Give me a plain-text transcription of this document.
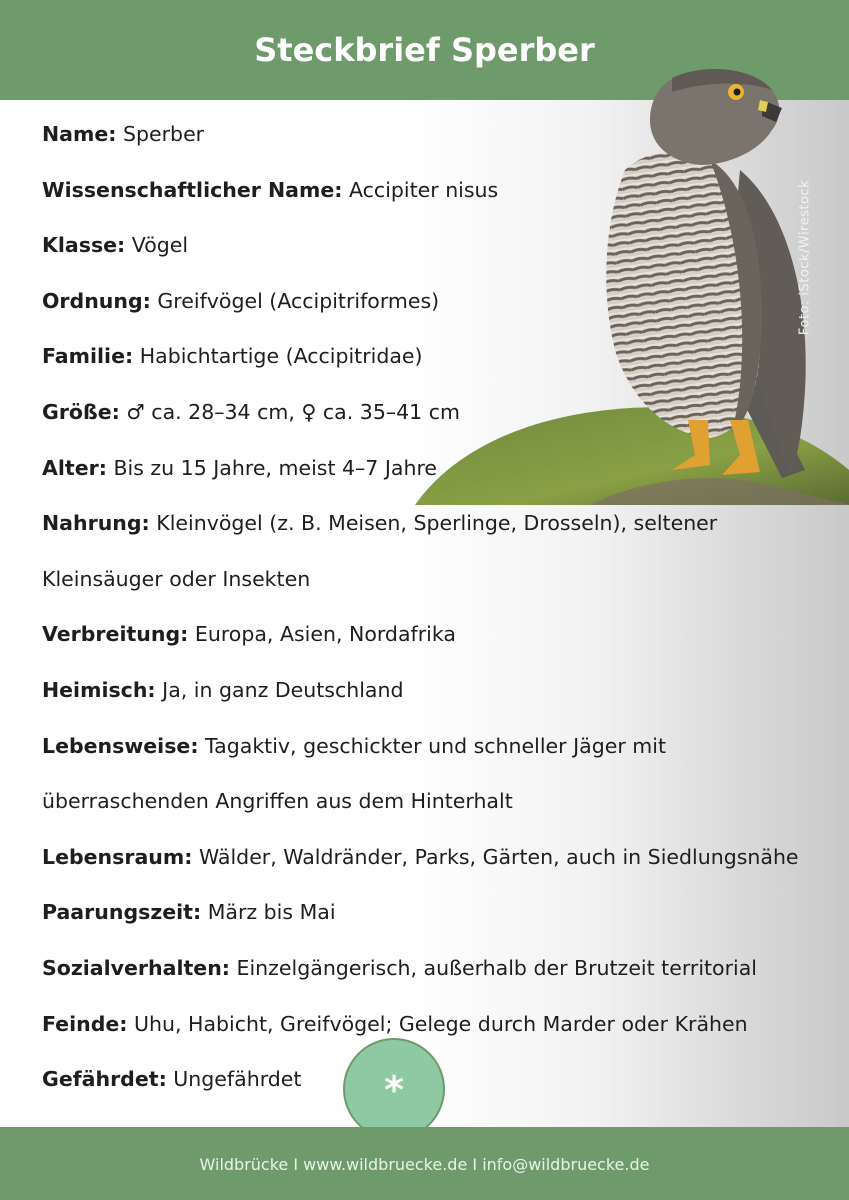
Steckbrief Sperber
Foto: iStock/Wirestock
Name: Sperber
Wissenschaftlicher Name: Accipiter nisus
Klasse: Vögel
Ordnung: Greifvögel (Accipitriformes)
Familie: Habichtartige (Accipitridae)
Größe: ♂ ca. 28–34 cm, ♀ ca. 35–41 cm
Alter: Bis zu 15 Jahre, meist 4–7 Jahre
Nahrung: Kleinvögel (z. B. Meisen, Sperlinge, Drosseln), seltener
Kleinsäuger oder Insekten
Verbreitung: Europa, Asien, Nordafrika
Heimisch: Ja, in ganz Deutschland
Lebensweise: Tagaktiv, geschickter und schneller Jäger mit
überraschenden Angriffen aus dem Hinterhalt
Lebensraum: Wälder, Waldränder, Parks, Gärten, auch in Siedlungsnähe
Paarungszeit: März bis Mai
Sozialverhalten: Einzelgängerisch, außerhalb der Brutzeit territorial
Feinde: Uhu, Habicht, Greifvögel; Gelege durch Marder oder Krähen
Gefährdet: Ungefährdet	*
Wildbrücke I www.wildbruecke.de I info@wildbruecke.de
